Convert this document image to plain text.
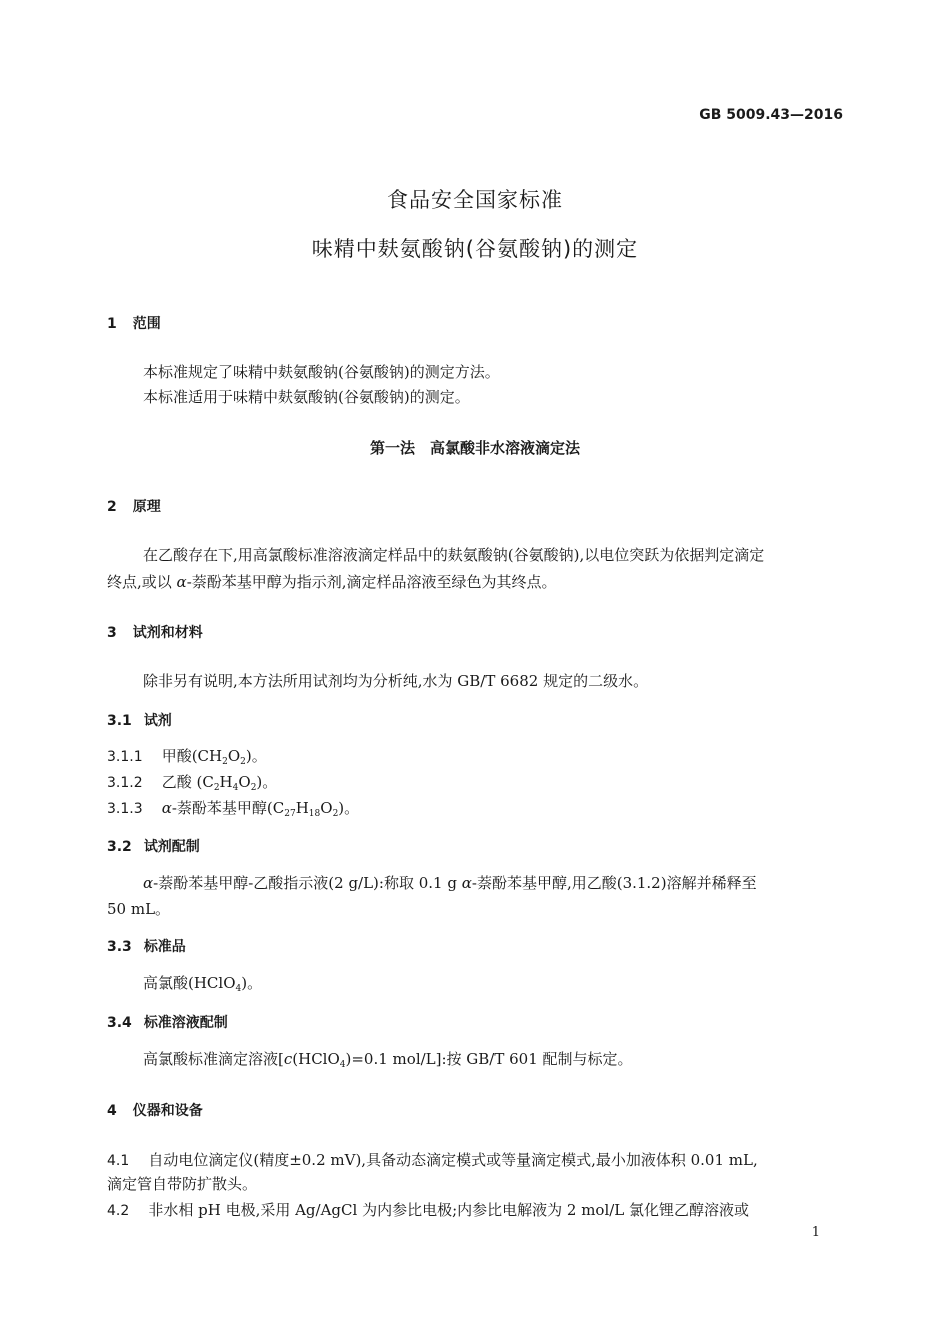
GB 5009.43—2016
食品安全国家标准
味精中麸氨酸钠(谷氨酸钠)的测定
1 范围
本标准规定了味精中麸氨酸钠(谷氨酸钠)的测定方法。
本标准适用于味精中麸氨酸钠(谷氨酸钠)的测定。
第一法　高氯酸非水溶液滴定法
2 原理
在乙酸存在下,用高氯酸标准溶液滴定样品中的麸氨酸钠(谷氨酸钠),以电位突跃为依据判定滴定
终点,或以 α-萘酚苯基甲醇为指示剂,滴定样品溶液至绿色为其终点。
3 试剂和材料
除非另有说明,本方法所用试剂均为分析纯,水为 GB/T 6682 规定的二级水。
3.1 试剂
3.1.1 甲酸$(CH_2O_2)$。
3.1.2 乙酸 $(C_2H_4O_2)$。
3.1.3 α-萘酚苯基甲醇$(C_{27}H_{18}O_2)$。
3.2 试剂配制
α-萘酚苯基甲醇-乙酸指示液(2 g/L):称取 0.1 g α-萘酚苯基甲醇,用乙酸(3.1.2)溶解并稀释至
50 mL。
3.3 标准品
高氯酸(HClO$_4$)。
3.4 标准溶液配制
高氯酸标准滴定溶液[c(HClO$_4$)=0.1 mol/L]:按 GB/T 601 配制与标定。
4 仪器和设备
4.1 自动电位滴定仪(精度±0.2 mV),具备动态滴定模式或等量滴定模式,最小加液体积 0.01 mL,
滴定管自带防扩散头。
4.2 非水相 pH 电极,采用 Ag/AgCl 为内参比电极;内参比电解液为 2 mol/L 氯化锂乙醇溶液或
1
